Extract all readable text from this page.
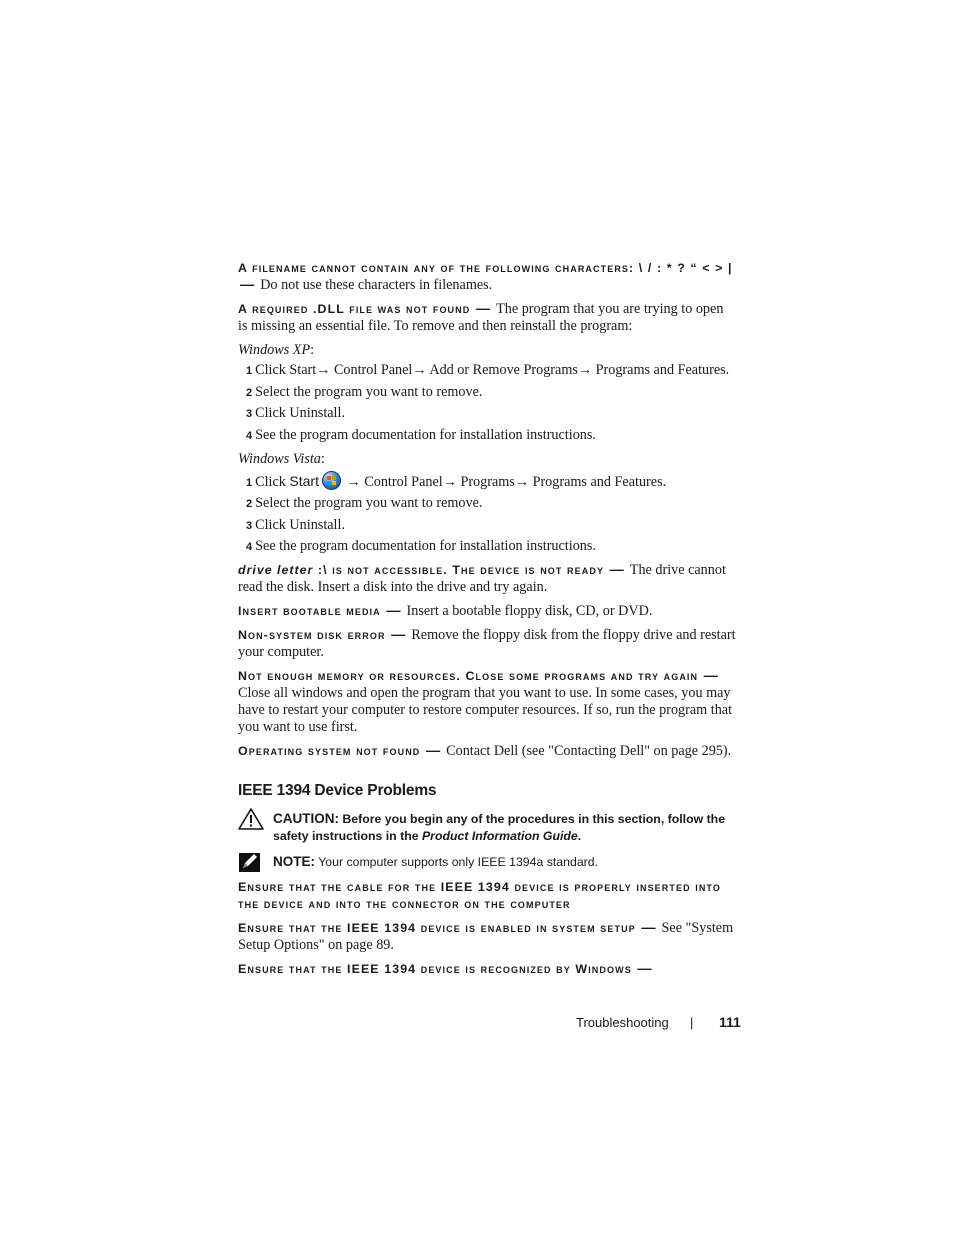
A filename cannot contain any of the following characters: \ / : * ? “ < > | — Do not use these characters in filenames.

A required .DLL file was not found — The program that you are trying to open is missing an essential file. To remove and then reinstall the program:

Windows XP:

1 Click Start→ Control Panel→ Add or Remove Programs→ Programs and Features.
2 Select the program you want to remove.
3 Click Uninstall.
4 See the program documentation for installation instructions.

Windows Vista:

1 Click Start → Control Panel→ Programs→ Programs and Features.
2 Select the program you want to remove.
3 Click Uninstall.
4 See the program documentation for installation instructions.

drive letter :\ is not accessible. The device is not ready — The drive cannot read the disk. Insert a disk into the drive and try again.

Insert bootable media — Insert a bootable floppy disk, CD, or DVD.

Non-system disk error — Remove the floppy disk from the floppy drive and restart your computer.

Not enough memory or resources. Close some programs and try again —Close all windows and open the program that you want to use. In some cases, you may have to restart your computer to restore computer resources. If so, run the program that you want to use first.

Operating system not found — Contact Dell (see "Contacting Dell" on page 295).

IEEE 1394 Device Problems
CAUTION: Before you begin any of the procedures in this section, follow the safety instructions in the Product Information Guide.
NOTE: Your computer supports only IEEE 1394a standard.

Ensure that the cable for the IEEE 1394 device is properly inserted into the device and into the connector on the computer

Ensure that the IEEE 1394 device is enabled in system setup — See "System Setup Options" on page 89.

Ensure that the IEEE 1394 device is recognized by Windows —

Troubleshooting | 111
